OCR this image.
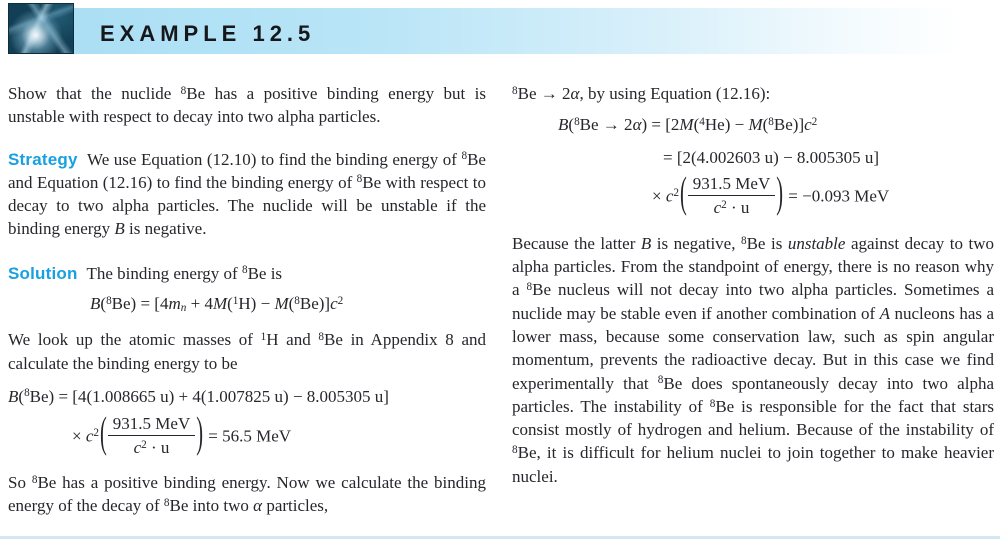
EXAMPLE 12.5

Show that the nuclide $^8$Be has a positive binding energy but is unstable with respect to decay into two alpha particles.

Strategy We use Equation (12.10) to find the binding energy of $^8$Be and Equation (12.16) to find the binding energy of $^8$Be with respect to decay to two alpha particles. The nuclide will be unstable if the binding energy B is negative.

Solution The binding energy of $^8$Be is

$B(^8Be) = [4mn + 4M(^1H) - M(^8Be)]c^2$

We look up the atomic masses of $^1$H and $^8$Be in Appendix 8 and calculate the binding energy to be

B($^8$Be) = [4(1.008665 u) + 4(1.007825 u) − 8.005305 u]
× $c^2( \frac{\text{931.5 MeV}}{c^2 \cdot u}$ ) = 56.5 MeV

So $^8$Be has a positive binding energy. Now we calculate the binding energy of the decay of $^8$Be into two α particles,

$^8$Be → 2α, by using Equation (12.16):

$B(^8Be \to 2\alpha) = [2M(^4He) - M(^8Be)]c^2$
= [2(4.002603 u) − 8.005305 u]
× $c^2( \frac{\text{931.5 MeV}}{c^2 \cdot u}$ ) = −0.093 MeV

Because the latter B is negative, $^8$Be is unstable against decay to two alpha particles. From the standpoint of energy, there is no reason why a $^8$Be nucleus will not decay into two alpha particles. Sometimes a nuclide may be stable even if another combination of A nucleons has a lower mass, because some conservation law, such as spin angular momentum, prevents the radioactive decay. But in this case we find experimentally that $^8$Be does spontaneously decay into two alpha particles. The instability of $^8$Be is responsible for the fact that stars consist mostly of hydrogen and helium. Because of the instability of $^8$Be, it is difficult for helium nuclei to join together to make heavier nuclei.
